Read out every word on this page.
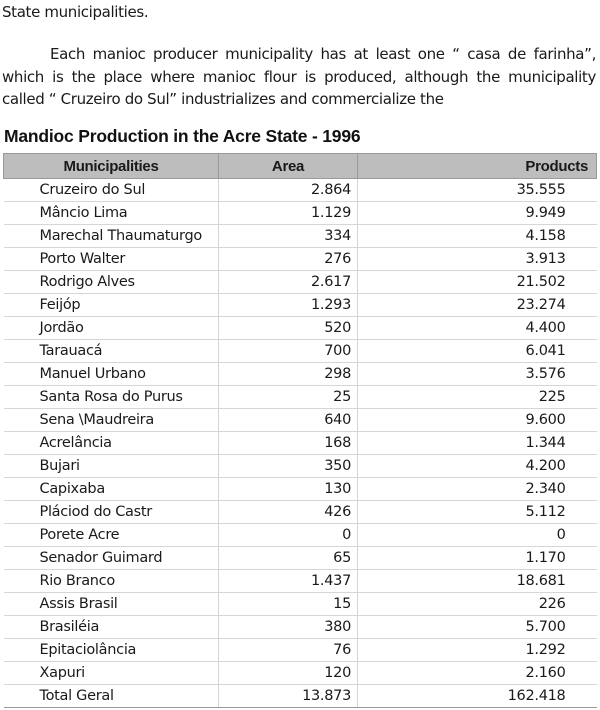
State municipalities.

Each manioc producer municipality has at least one “ casa de farinha”, which is the place where manioc flour is produced, although the municipality called “ Cruzeiro do Sul” industrializes and commercialize the

Mandioc Production in the Acre State - 1996
Municipalities	Area	Products
Cruzeiro do Sul	2.864	35.555
Mâncio Lima	1.129	9.949
Marechal Thaumaturgo	334	4.158
Porto Walter	276	3.913
Rodrigo Alves	2.617	21.502
Feijóp	1.293	23.274
Jordão	520	4.400
Tarauacá	700	6.041
Manuel Urbano	298	3.576
Santa Rosa do Purus	25	225
Sena \Maudreira	640	9.600
Acrelância	168	1.344
Bujari	350	4.200
Capixaba	130	2.340
Pláciod do Castr	426	5.112
Porete Acre	0	0
Senador Guimard	65	1.170
Rio Branco	1.437	18.681
Assis Brasil	15	226
Brasiléia	380	5.700
Epitaciolância	76	1.292
Xapuri	120	2.160
Total Geral	13.873	162.418
